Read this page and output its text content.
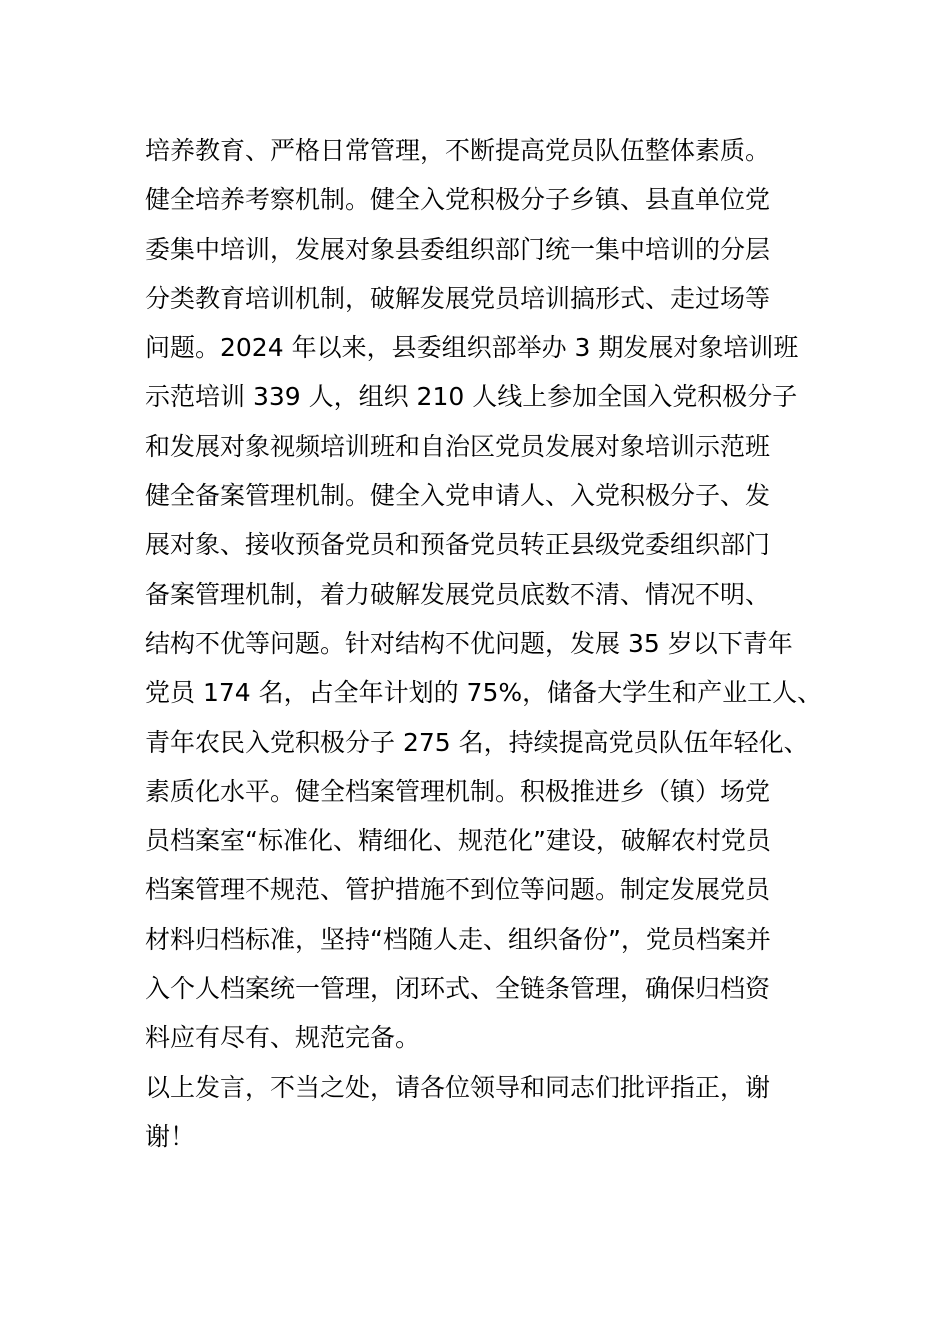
培养教育、严格日常管理，不断提高党员队伍整体素质。
健全培养考察机制。健全入党积极分子乡镇、县直单位党
委集中培训，发展对象县委组织部门统一集中培训的分层
分类教育培训机制，破解发展党员培训搞形式、走过场等
问题。2024 年以来，县委组织部举办 3 期发展对象培训班
示范培训 339 人，组织 210 人线上参加全国入党积极分子
和发展对象视频培训班和自治区党员发展对象培训示范班
健全备案管理机制。健全入党申请人、入党积极分子、发
展对象、接收预备党员和预备党员转正县级党委组织部门
备案管理机制，着力破解发展党员底数不清、情况不明、
结构不优等问题。针对结构不优问题，发展 35 岁以下青年
党员 174 名，占全年计划的 75%，储备大学生和产业工人、
青年农民入党积极分子 275 名，持续提高党员队伍年轻化、
素质化水平。健全档案管理机制。积极推进乡（镇）场党
员档案室“标准化、精细化、规范化”建设，破解农村党员
档案管理不规范、管护措施不到位等问题。制定发展党员
材料归档标准，坚持“档随人走、组织备份”，党员档案并
入个人档案统一管理，闭环式、全链条管理，确保归档资
料应有尽有、规范完备。
以上发言，不当之处，请各位领导和同志们批评指正，谢
谢！
